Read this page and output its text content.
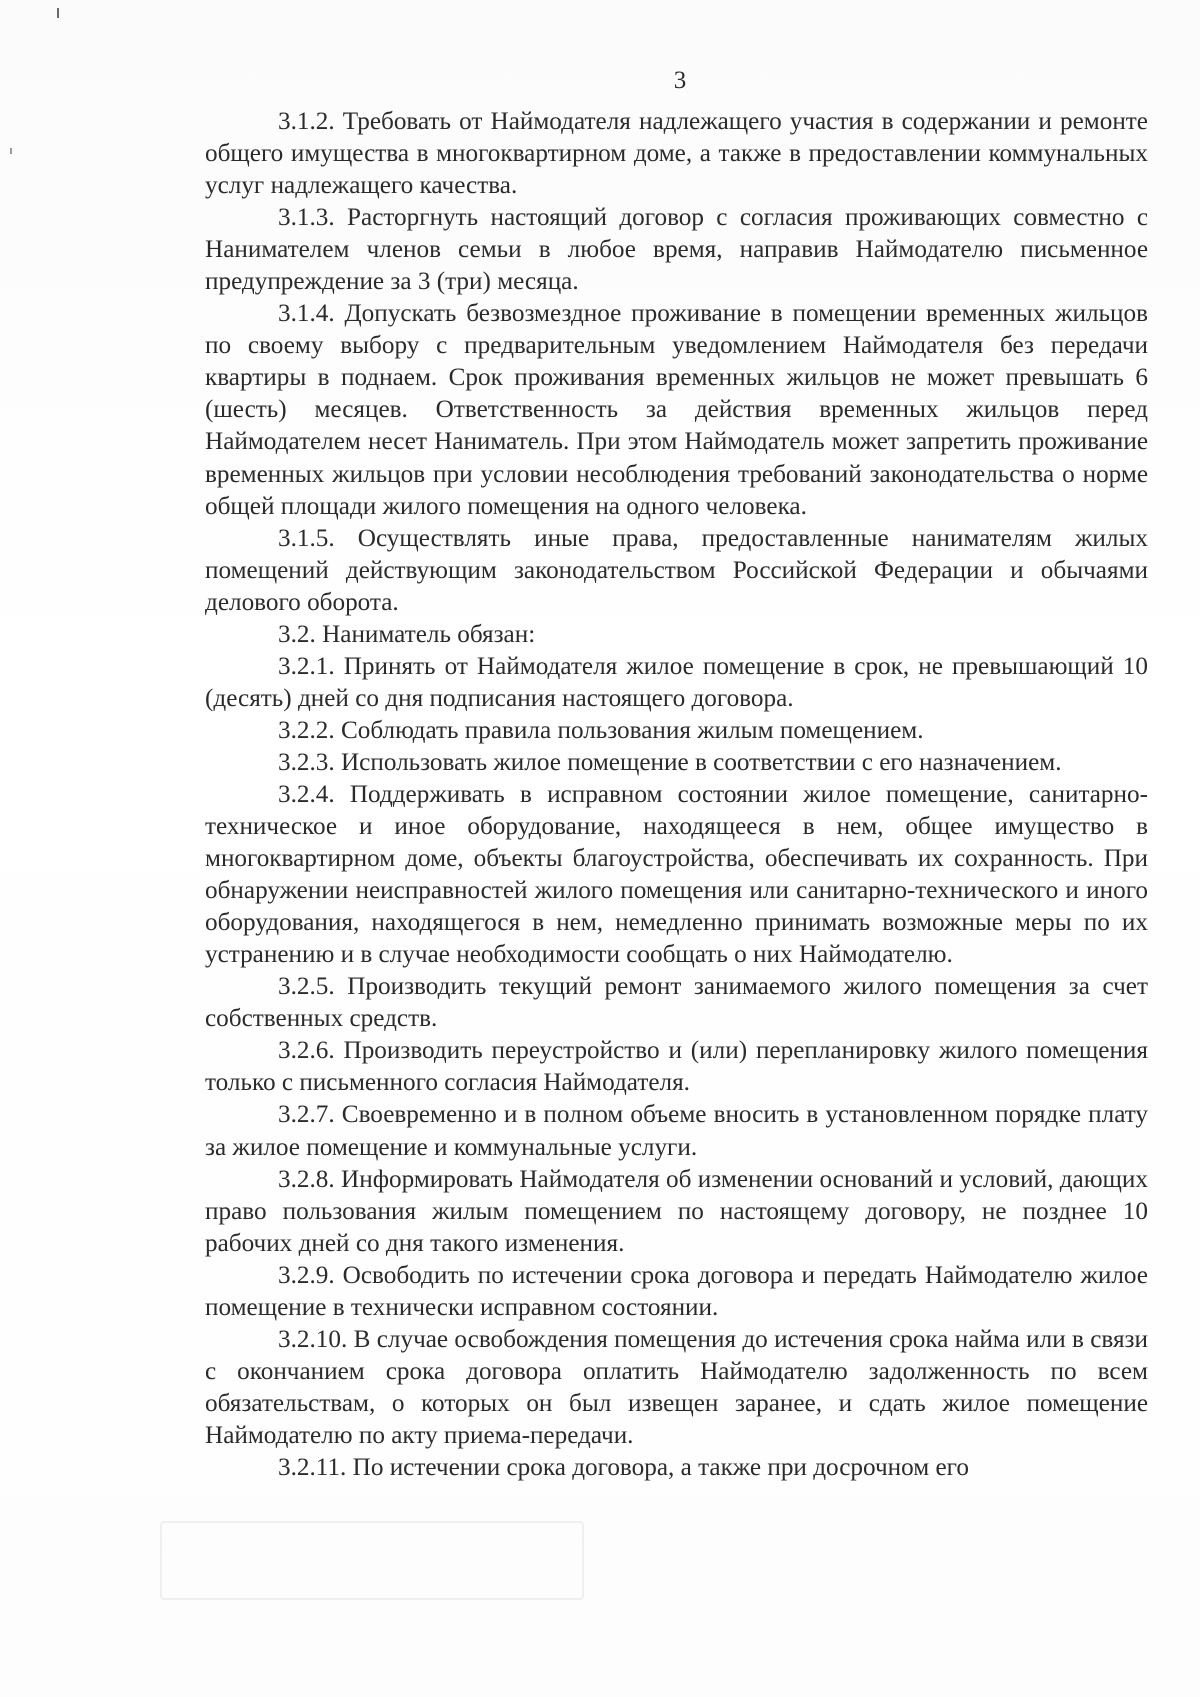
3

3.1.2. Требовать от Наймодателя надлежащего участия в содержании и ремонте общего имущества в многоквартирном доме, а также в предоставлении коммунальных услуг надлежащего качества.

3.1.3. Расторгнуть настоящий договор с согласия проживающих совместно с Нанимателем членов семьи в любое время, направив Наймодателю письменное предупреждение за 3 (три) месяца.

3.1.4. Допускать безвозмездное проживание в помещении временных жильцов по своему выбору с предварительным уведомлением Наймодателя без передачи квартиры в поднаем. Срок проживания временных жильцов не может превышать 6 (шесть) месяцев. Ответственность за действия временных жильцов перед Наймодателем несет Наниматель. При этом Наймодатель может запретить проживание временных жильцов при условии несоблюдения требований законодательства о норме общей площади жилого помещения на одного человека.

3.1.5. Осуществлять иные права, предоставленные нанимателям жилых помещений действующим законодательством Российской Федерации и обычаями делового оборота.

3.2. Наниматель обязан:

3.2.1. Принять от Наймодателя жилое помещение в срок, не превышающий 10 (десять) дней со дня подписания настоящего договора.

3.2.2. Соблюдать правила пользования жилым помещением.

3.2.3. Использовать жилое помещение в соответствии с его назначением.

3.2.4. Поддерживать в исправном состоянии жилое помещение, санитарно-техническое и иное оборудование, находящееся в нем, общее имущество в многоквартирном доме, объекты благоустройства, обеспечивать их сохранность. При обнаружении неисправностей жилого помещения или санитарно-технического и иного оборудования, находящегося в нем, немедленно принимать возможные меры по их устранению и в случае необходимости сообщать о них Наймодателю.

3.2.5. Производить текущий ремонт занимаемого жилого помещения за счет собственных средств.

3.2.6. Производить переустройство и (или) перепланировку жилого помещения только с письменного согласия Наймодателя.

3.2.7. Своевременно и в полном объеме вносить в установленном порядке плату за жилое помещение и коммунальные услуги.

3.2.8. Информировать Наймодателя об изменении оснований и условий, дающих право пользования жилым помещением по настоящему договору, не позднее 10 рабочих дней со дня такого изменения.

3.2.9. Освободить по истечении срока договора и передать Наймодателю жилое помещение в технически исправном состоянии.

3.2.10. В случае освобождения помещения до истечения срока найма или в связи с окончанием срока договора оплатить Наймодателю задолженность по всем обязательствам, о которых он был извещен заранее, и сдать жилое помещение Наймодателю по акту приема-передачи.

3.2.11. По истечении срока договора, а также при досрочном его
